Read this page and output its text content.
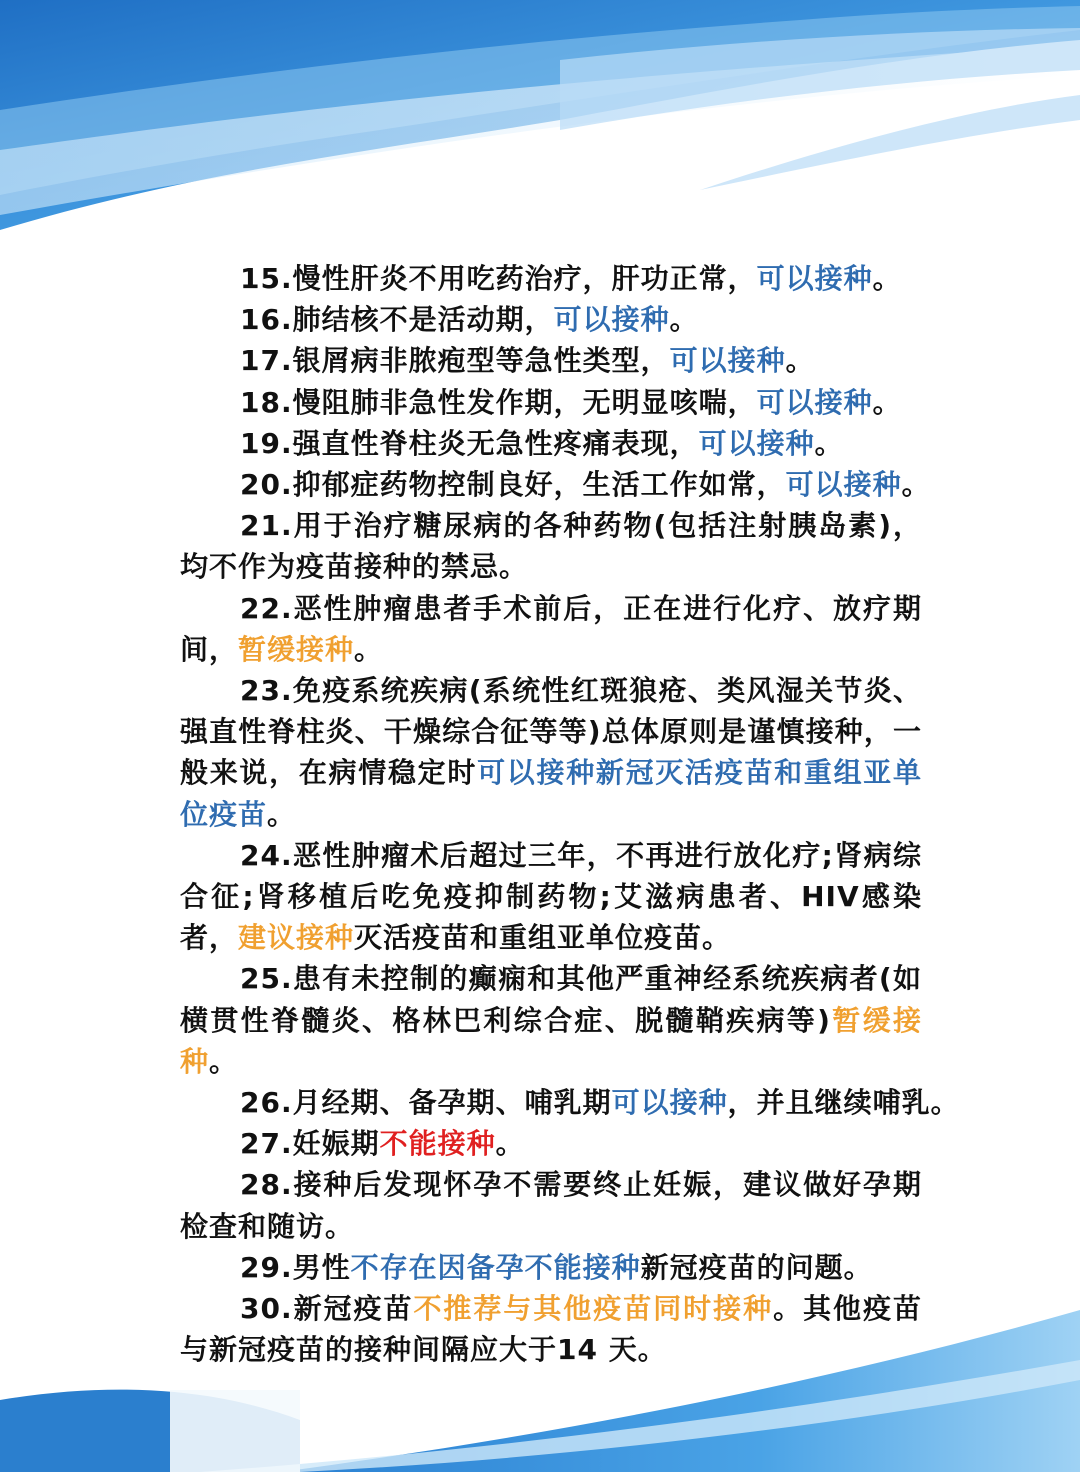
15.慢性肝炎不用吃药治疗，肝功正常，可以接种。

16.肺结核不是活动期，可以接种。

17.银屑病非脓疱型等急性类型，可以接种。

18.慢阻肺非急性发作期，无明显咳喘，可以接种。

19.强直性脊柱炎无急性疼痛表现，可以接种。

20.抑郁症药物控制良好，生活工作如常，可以接种。

21.用于治疗糖尿病的各种药物(包括注射胰岛素)，均不作为疫苗接种的禁忌。

22.恶性肿瘤患者手术前后，正在进行化疗、放疗期间，暂缓接种。

23.免疫系统疾病(系统性红斑狼疮、类风湿关节炎、强直性脊柱炎、干燥综合征等等)总体原则是谨慎接种，一般来说，在病情稳定时可以接种新冠灭活疫苗和重组亚单位疫苗。

24.恶性肿瘤术后超过三年，不再进行放化疗;肾病综合征;肾移植后吃免疫抑制药物;艾滋病患者、HIV感染者，建议接种灭活疫苗和重组亚单位疫苗。

25.患有未控制的癫痫和其他严重神经系统疾病者(如横贯性脊髓炎、格林巴利综合症、脱髓鞘疾病等)暂缓接种。

26.月经期、备孕期、哺乳期可以接种，并且继续哺乳。

27.妊娠期不能接种。

28.接种后发现怀孕不需要终止妊娠，建议做好孕期检查和随访。

29.男性不存在因备孕不能接种新冠疫苗的问题。

30.新冠疫苗不推荐与其他疫苗同时接种。其他疫苗与新冠疫苗的接种间隔应大于14 天。
